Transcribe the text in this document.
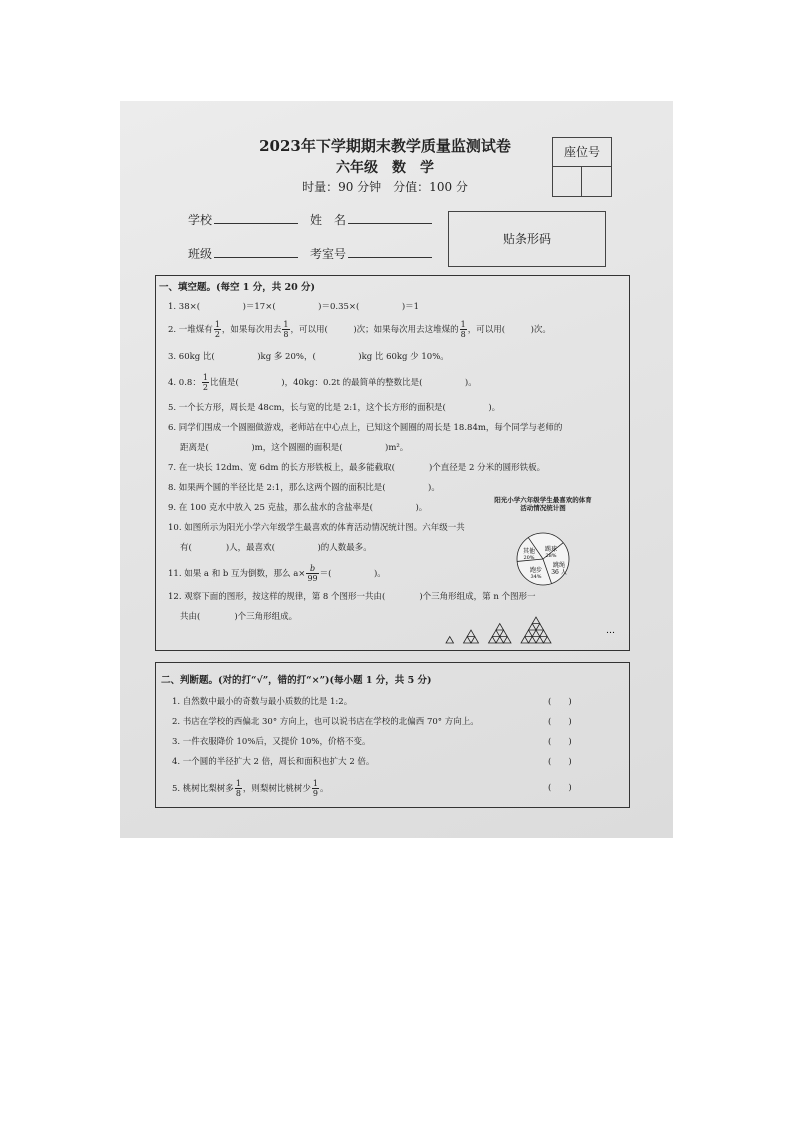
2023年下学期期末教学质量监测试卷
六年级　数　学
时量：90 分钟　分值：100 分
座位号
学校	姓　名
班级	考室号
贴条形码
一、填空题。(每空 1 分，共 20 分)
1. 38×(　　　　　)＝17×(　　　　　)＝0.35×(　　　　　)＝1
2. 一堆煤有 $\frac{1}{2}$ ，如果每次用去 $\frac{1}{8}$ ，可以用(　　　)次；如果每次用去这堆煤的 $\frac{1}{8}$ ，可以用(　　　)次。
3. 60kg 比(　　　　　)kg 多 20%，(　　　　　)kg 比 60kg 少 10%。
4. 0.8： $\frac{1}{2}$ 比值是(　　　　　)，40kg：0.2t 的最简单的整数比是(　　　　　)。
5. 一个长方形，周长是 48cm，长与宽的比是 2:1，这个长方形的面积是(　　　　　)。
6. 同学们围成一个圆圈做游戏，老师站在中心点上，已知这个圆圈的周长是 18.84m，每个同学与老师的
距离是(　　　　　)m，这个圆圈的面积是(　　　　　)m²。
7. 在一块长 12dm、宽 6dm 的长方形铁板上，最多能截取(　　　　)个直径是 2 分米的圆形铁板。
8. 如果两个圆的半径比是 2:1，那么这两个圆的面积比是(　　　　　)。
9. 在 100 克水中放入 25 克盐，那么盐水的含盐率是(　　　　　)。
10. 如图所示为阳光小学六年级学生最喜欢的体育活动情况统计图。六年级一共
有(　　　　)人，最喜欢(　　　　　)的人数最多。
11. 如果 a 和 b 互为倒数，那么 $a\times \frac{b}{99}$ ＝(　　　　　)。
12. 观察下面的图形，按这样的规律，第 8 个图形一共由(　　　　)个三角形组成，第 n 个图形一
共由(　　　　)个三角形组成。
阳光小学六年级学生最喜欢的体育活动情况统计图
踢球
28%
跳绳
36 人
跑步
34%
其他
20%
…
二、判断题。(对的打“√”，错的打“×”)(每小题 1 分，共 5 分)
1. 自然数中最小的奇数与最小质数的比是 1:2。	(　　)
2. 书店在学校的西偏北 30° 方向上，也可以说书店在学校的北偏西 70° 方向上。	(　　)
3. 一件衣服降价 10%后，又提价 10%，价格不变。	(　　)
4. 一个圆的半径扩大 2 倍，周长和面积也扩大 2 倍。	(　　)
5. 桃树比梨树多 $\frac{1}{8}$ ，则梨树比桃树少 $\frac{1}{9}$ 。	(　　)
